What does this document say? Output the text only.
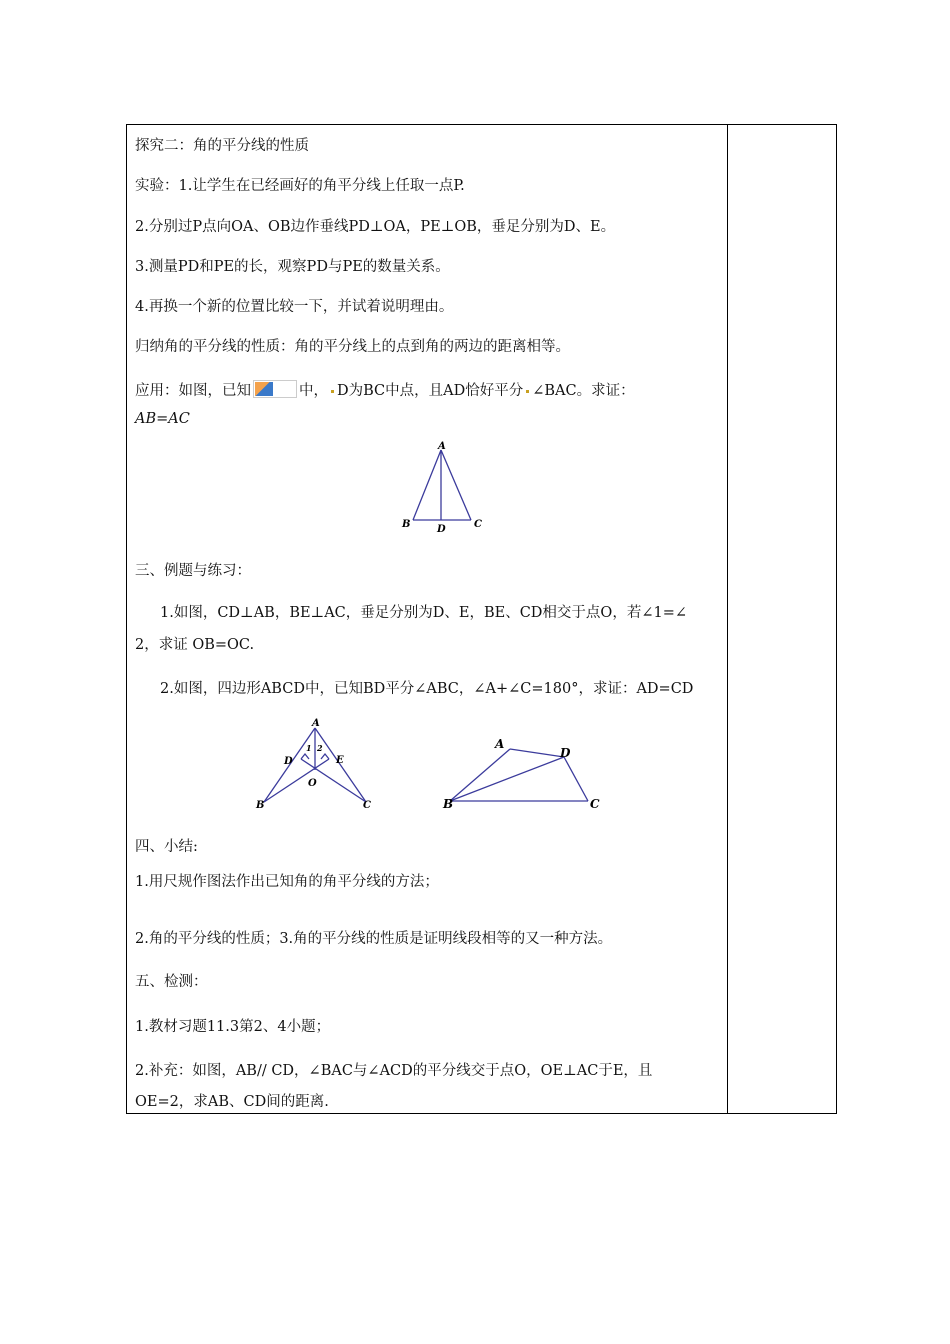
探究二：角的平分线的性质
实验：1.让学生在已经画好的角平分线上任取一点P.
2.分别过P点向OA、OB边作垂线PD⊥OA，PE⊥OB，垂足分别为D、E。
3.测量PD和PE的长，观察PD与PE的数量关系。
4.再换一个新的位置比较一下，并试着说明理由。
归纳角的平分线的性质：角的平分线上的点到角的两边的距离相等。
应用：如图，已知	中， D为BC中点，且AD恰好平分 ∠BAC。求证：
AB=AC
A
B	D	C
三、例题与练习：
1.如图，CD⊥AB，BE⊥AC，垂足分别为D、E，BE、CD相交于点O，若∠1=∠
2，求证 OB=OC.
2.如图，四边形ABCD中，已知BD平分∠ABC，∠A+∠C=180°，求证：AD=CD
A
1 2
D	E
O
B	C
A
D
B	C
四、小结:
1.用尺规作图法作出已知角的角平分线的方法；
2.角的平分线的性质；3.角的平分线的性质是证明线段相等的又一种方法。
五、检测：
1.教材习题11.3第2、4小题；
2.补充：如图，AB// CD，∠BAC与∠ACD的平分线交于点O，OE⊥AC于E，且
OE=2，求AB、CD间的距离.
